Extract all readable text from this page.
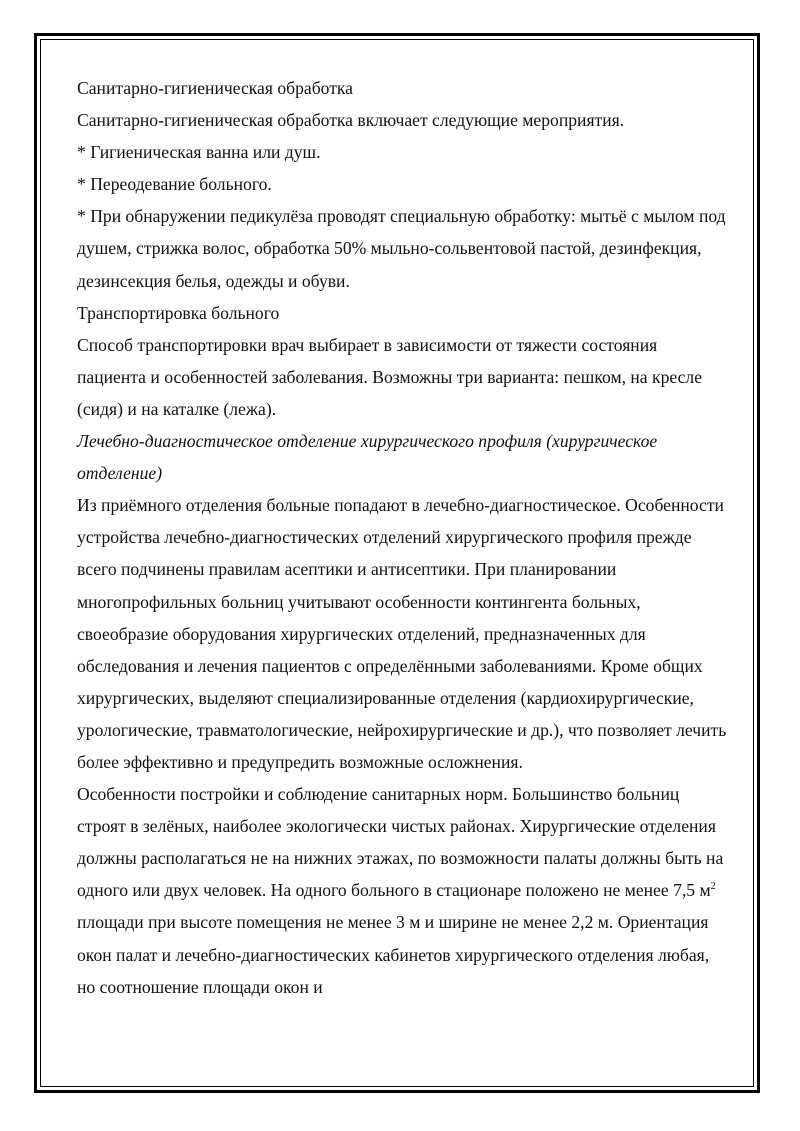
Санитарно-гигиеническая обработка

Санитарно-гигиеническая обработка включает следующие мероприятия.

* Гигиеническая ванна или душ.

* Переодевание больного.

* При обнаружении педикулёза проводят специальную обработку: мытьё с мылом под душем, стрижка волос, обработка 50% мыльно-сольвентовой пастой, дезинфекция, дезинсекция белья, одежды и обуви.

Транспортировка больного

Способ транспортировки врач выбирает в зависимости от тяжести состояния пациента и особенностей заболевания. Возможны три варианта: пешком, на кресле (сидя) и на каталке (лежа).

Лечебно-диагностическое отделение хирургического профиля (хирургическое отделение)

Из приёмного отделения больные попадают в лечебно-диагностическое. Особенности устройства лечебно-диагностических отделений хирургического профиля прежде всего подчинены правилам асептики и антисептики. При планировании многопрофильных больниц учитывают особенности контингента больных, своеобразие оборудования хирургических отделений, предназначенных для обследования и лечения пациентов с определёнными заболеваниями. Кроме общих хирургических, выделяют специализированные отделения (кардиохирургические, урологические, травматологические, нейрохирургические и др.), что позволяет лечить более эффективно и предупредить возможные осложнения.

Особенности постройки и соблюдение санитарных норм. Большинство больниц строят в зелёных, наиболее экологически чистых районах. Хирургические отделения должны располагаться не на нижних этажах, по возможности палаты должны быть на одного или двух человек. На одного больного в стационаре положено не менее 7,5 $м^2$ площади при высоте помещения не менее 3 м и ширине не менее 2,2 м. Ориентация окон палат и лечебно-диагностических кабинетов хирургического отделения любая, но соотношение площади окон и
